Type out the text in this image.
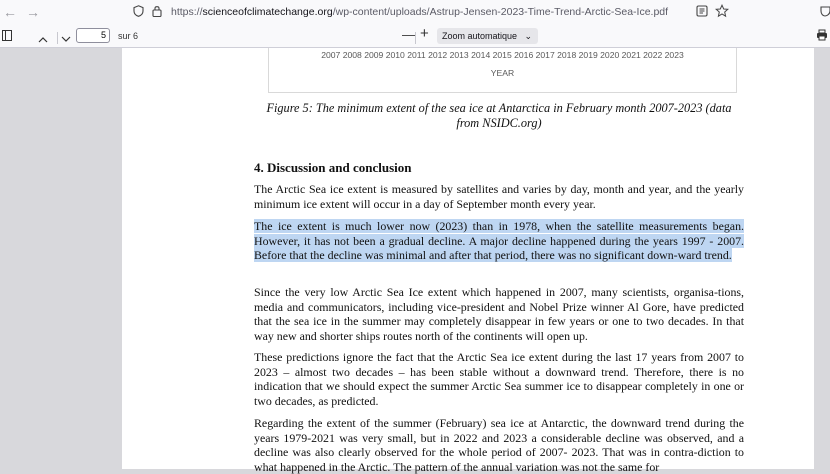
← →	https://scienceofclimatechange.org/wp-content/uploads/Astrup-Jensen-2023-Time-Trend-Arctic-Sea-Ice.pdf
5	sur 6	— +	Zoom automatique ⌄
2007 2008 2009 2010 2011 2012 2013 2014 2015 2016 2017 2018 2019 2020 2021 2022 2023
YEAR
Figure 5: The minimum extent of the sea ice at Antarctica in February month 2007-2023 (data from NSIDC.org)
4. Discussion and conclusion
The Arctic Sea ice extent is measured by satellites and varies by day, month and year, and the yearly minimum ice extent will occur in a day of September month every year.
The ice extent is much lower now (2023) than in 1978, when the satellite measurements began. However, it has not been a gradual decline. A major decline happened during the years 1997 - 2007. Before that the decline was minimal and after that period, there was no significant down-ward trend.
Since the very low Arctic Sea Ice extent which happened in 2007, many scientists, organisa-tions, media and communicators, including vice-president and Nobel Prize winner Al Gore, have predicted that the sea ice in the summer may completely disappear in few years or one to two decades. In that way new and shorter ships routes north of the continents will open up.
These predictions ignore the fact that the Arctic Sea ice extent during the last 17 years from 2007 to 2023 – almost two decades – has been stable without a downward trend. Therefore, there is no indication that we should expect the summer Arctic Sea summer ice to disappear completely in one or two decades, as predicted.
Regarding the extent of the summer (February) sea ice at Antarctic, the downward trend during the years 1979-2021 was very small, but in 2022 and 2023 a considerable decline was observed, and a decline was also clearly observed for the whole period of 2007- 2023. That was in contra-diction to what happened in the Arctic. The pattern of the annual variation was not the same for
